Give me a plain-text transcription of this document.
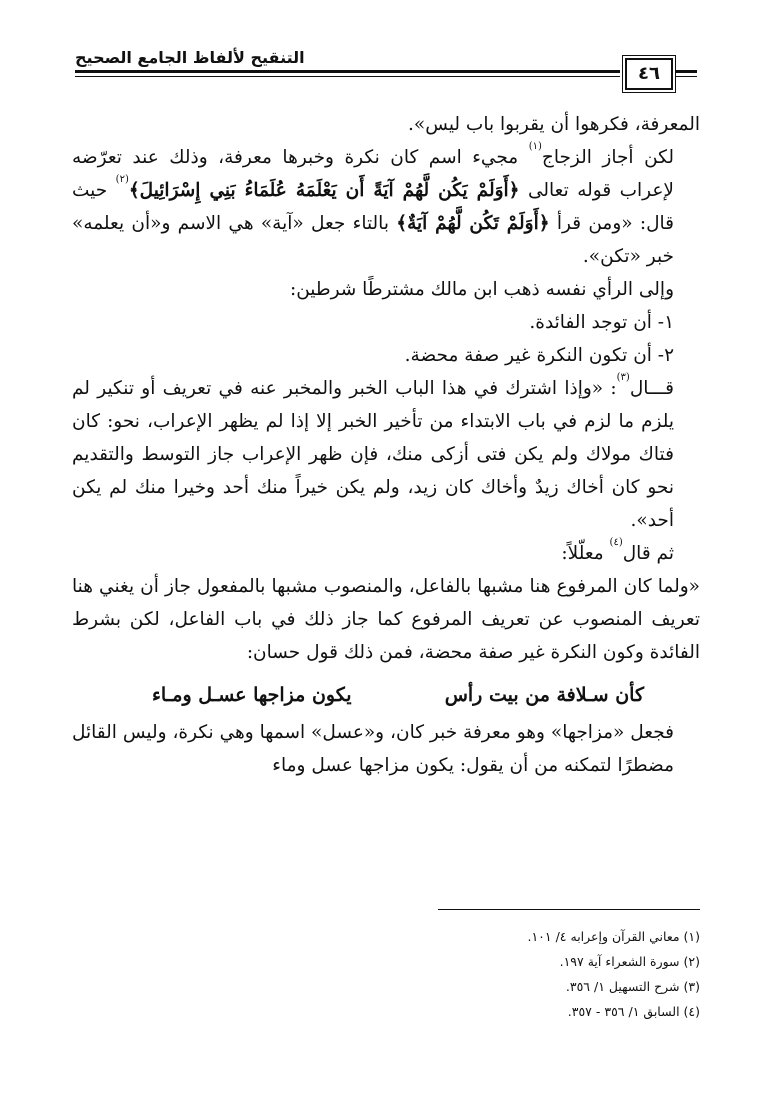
التنقيح لألفاظ الجامع الصحيح
٤٦

المعرفة، فكرهوا أن يقربوا باب ليس».

لكن أجاز الزجاج$^{(١)}$ مجيء اسم كان نكرة وخبرها معرفة، وذلك عند تعرّضه لإعراب قوله تعالى ﴿أَوَلَمْ يَكُن لَّهُمْ آيَةً أَن يَعْلَمَهُ عُلَمَاءُ بَنِي إِسْرَائِيلَ﴾$^{(٢)}$ حيث قال: «ومن قرأ ﴿أَوَلَمْ تَكُن لَّهُمْ آيَةٌ﴾ بالتاء جعل «آية» هي الاسم و«أن يعلمه» خبر «تكن».

وإلى الرأي نفسه ذهب ابن مالك مشترطًا شرطين:

١- أن توجد الفائدة.

٢- أن تكون النكرة غير صفة محضة.

قـــال$^{(٣)}$: «وإذا اشترك في هذا الباب الخبر والمخبر عنه في تعريف أو تنكير لم يلزم ما لزم في باب الابتداء من تأخير الخبر إلا إذا لم يظهر الإعراب، نحو: كان فتاك مولاك ولم يكن فتى أزكى منك، فإن ظهر الإعراب جاز التوسط والتقديم نحو كان أخاك زيدٌ وأخاك كان زيد، ولم يكن خيراً منك أحد وخيرا منك لم يكن أحد».

ثم قال$^{(٤)}$ معلّلاً:

«ولما كان المرفوع هنا مشبها بالفاعل، والمنصوب مشبها بالمفعول جاز أن يغني هنا تعريف المنصوب عن تعريف المرفوع كما جاز ذلك في باب الفاعل، لكن بشرط الفائدة وكون النكرة غير صفة محضة، فمن ذلك قول حسان:

كأن سـلافة من بيت رأس
يكون مزاجها عسـل ومـاء

فجعل «مزاجها» وهو معرفة خبر كان، و«عسل» اسمها وهي نكرة، وليس القائل مضطرًا لتمكنه من أن يقول: يكون مزاجها عسل وماء

(١) معاني القرآن وإعرابه ٤/ ١٠١.
(٢) سورة الشعراء آية ١٩٧.
(٣) شرح التسهيل ١/ ٣٥٦.
(٤) السابق ١/ ٣٥٦ - ٣٥٧.
